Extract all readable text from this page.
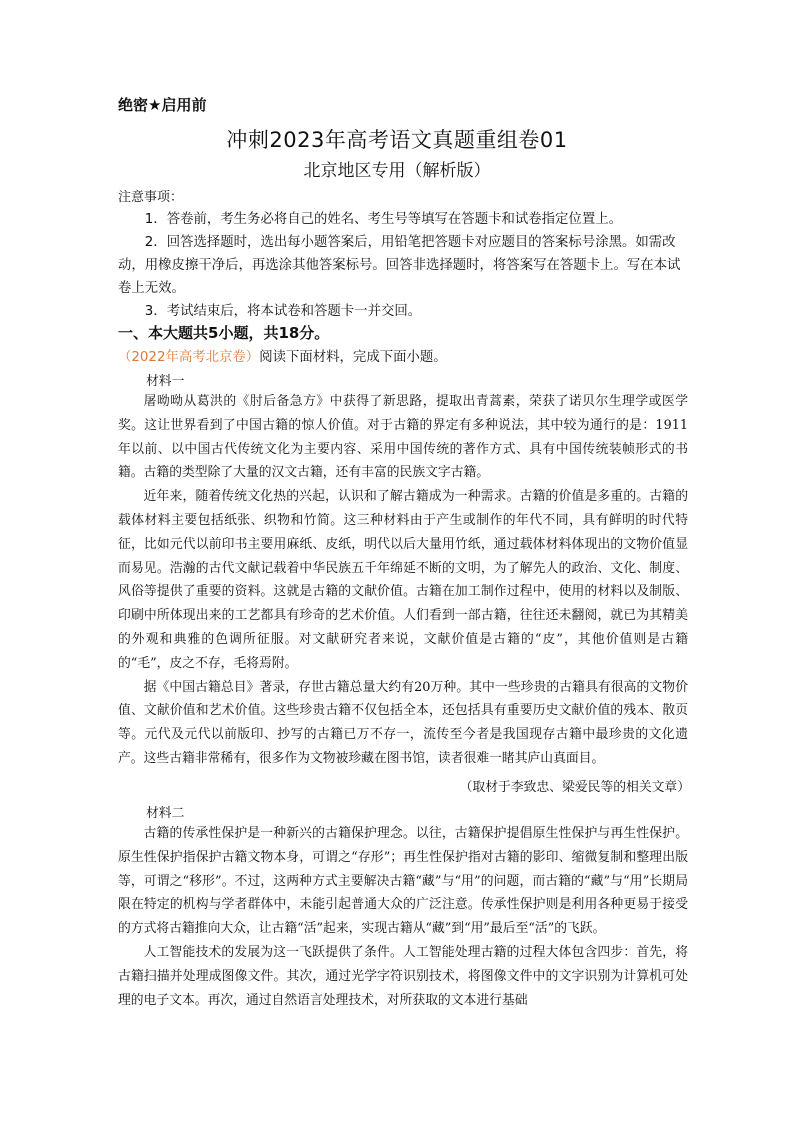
绝密★启用前
冲刺2023年高考语文真题重组卷01
北京地区专用（解析版）
注意事项：

1．答卷前，考生务必将自己的姓名、考生号等填写在答题卡和试卷指定位置上。

2．回答选择题时，选出每小题答案后，用铅笔把答题卡对应题目的答案标号涂黑。如需改动，用橡皮擦干净后，再选涂其他答案标号。回答非选择题时，将答案写在答题卡上。写在本试卷上无效。

3．考试结束后，将本试卷和答题卡一并交回。

一、本大题共5小题，共18分。
（2022年高考北京卷）阅读下面材料，完成下面小题。
材料一

屠呦呦从葛洪的《肘后备急方》中获得了新思路，提取出青蒿素，荣获了诺贝尔生理学或医学奖。这让世界看到了中国古籍的惊人价值。对于古籍的界定有多种说法，其中较为通行的是：1911年以前、以中国古代传统文化为主要内容、采用中国传统的著作方式、具有中国传统装帧形式的书籍。古籍的类型除了大量的汉文古籍，还有丰富的民族文字古籍。

近年来，随着传统文化热的兴起，认识和了解古籍成为一种需求。古籍的价值是多重的。古籍的载体材料主要包括纸张、织物和竹简。这三种材料由于产生或制作的年代不同，具有鲜明的时代特征，比如元代以前印书主要用麻纸、皮纸，明代以后大量用竹纸，通过载体材料体现出的文物价值显而易见。浩瀚的古代文献记载着中华民族五千年绵延不断的文明，为了解先人的政治、文化、制度、风俗等提供了重要的资料。这就是古籍的文献价值。古籍在加工制作过程中，使用的材料以及制版、印刷中所体现出来的工艺都具有珍奇的艺术价值。人们看到一部古籍，往往还未翻阅，就已为其精美的外观和典雅的色调所征服。对文献研究者来说，文献价值是古籍的“皮”，其他价值则是古籍的“毛”，皮之不存，毛将焉附。

据《中国古籍总目》著录，存世古籍总量大约有20万种。其中一些珍贵的古籍具有很高的文物价值、文献价值和艺术价值。这些珍贵古籍不仅包括全本，还包括具有重要历史文献价值的残本、散页等。元代及元代以前版印、抄写的古籍已万不存一，流传至今者是我国现存古籍中最珍贵的文化遗产。这些古籍非常稀有，很多作为文物被珍藏在图书馆，读者很难一睹其庐山真面目。

（取材于李致忠、梁爱民等的相关文章）
材料二

古籍的传承性保护是一种新兴的古籍保护理念。以往，古籍保护提倡原生性保护与再生性保护。原生性保护指保护古籍文物本身，可谓之“存形”；再生性保护指对古籍的影印、缩微复制和整理出版等，可谓之“移形”。不过，这两种方式主要解决古籍“藏”与“用”的问题，而古籍的“藏”与“用”长期局限在特定的机构与学者群体中，未能引起普通大众的广泛注意。传承性保护则是利用各种更易于接受的方式将古籍推向大众，让古籍“活”起来，实现古籍从“藏”到“用”最后至“活”的飞跃。

人工智能技术的发展为这一飞跃提供了条件。人工智能处理古籍的过程大体包含四步：首先，将古籍扫描并处理成图像文件。其次，通过光学字符识别技术，将图像文件中的文字识别为计算机可处理的电子文本。再次，通过自然语言处理技术，对所获取的文本进行基础
